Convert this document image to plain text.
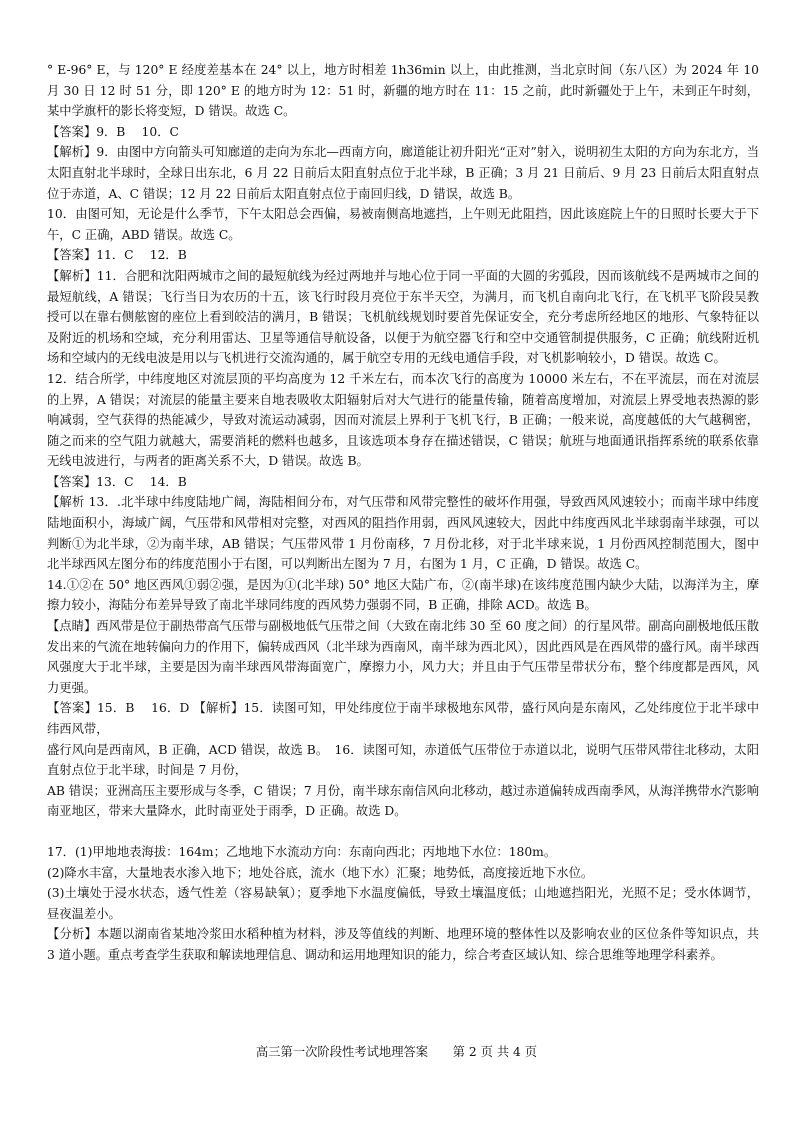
° E-96° E，与 120° E 经度差基本在 24° 以上，地方时相差 1h36min 以上，由此推测，当北京时间（东八区）为 2024 年 10 月 30 日 12 时 51 分，即 120° E 的地方时为 12：51 时，新疆的地方时在 11：15 之前，此时新疆处于上午，未到正午时刻，某中学旗杆的影长将变短，D 错误。故选 C。

【答案】9．B　 10．C

【解析】9．由图中方向箭头可知廊道的走向为东北—西南方向，廊道能让初升阳光“正对”射入，说明初生太阳的方向为东北方，当太阳直射北半球时，全球日出东北，6 月 22 日前后太阳直射点位于北半球，B 正确；3 月 21 日前后、9 月 23 日前后太阳直射点位于赤道，A、C 错误；12 月 22 日前后太阳直射点位于南回归线，D 错误，故选 B。

10．由图可知，无论是什么季节，下午太阳总会西偏，易被南侧高地遮挡，上午则无此阻挡，因此该庭院上午的日照时长要大于下午，C 正确，ABD 错误。故选 C。

【答案】11．C　 12．B

【解析】11．合肥和沈阳两城市之间的最短航线为经过两地并与地心位于同一平面的大圆的劣弧段，因而该航线不是两城市之间的最短航线，A 错误；飞行当日为农历的十五，该飞行时段月亮位于东半天空，为满月，而飞机自南向北飞行，在飞机平飞阶段吴教授可以在靠右侧舷窗的座位上看到皎洁的满月，B 错误；飞机航线规划时要首先保证安全，充分考虑所经地区的地形、气象特征以及附近的机场和空域，充分利用雷达、卫星等通信导航设备，以便于为航空器飞行和空中交通管制提供服务，C 正确；航线附近机场和空域内的无线电波是用以与飞机进行交流沟通的，属于航空专用的无线电通信手段，对飞机影响较小，D 错误。故选 C。

12．结合所学，中纬度地区对流层顶的平均高度为 12 千米左右，而本次飞行的高度为 10000 米左右，不在平流层，而在对流层的上界，A 错误；对流层的能量主要来自地表吸收太阳辐射后对大气进行的能量传输，随着高度增加，对流层上界受地表热源的影响减弱，空气获得的热能减少，导致对流运动减弱，因而对流层上界利于飞机飞行，B 正确；一般来说，高度越低的大气越稠密，随之而来的空气阻力就越大，需要消耗的燃料也越多，且该选项本身存在描述错误，C 错误；航班与地面通讯指挥系统的联系依靠无线电波进行，与两者的距离关系不大，D 错误。故选 B。

【答案】13．C　 14．B

【解析 13．.北半球中纬度陆地广阔，海陆相间分布，对气压带和风带完整性的破坏作用强，导致西风风速较小；而南半球中纬度陆地面积小，海域广阔，气压带和风带相对完整，对西风的阻挡作用弱，西风风速较大，因此中纬度西风北半球弱南半球强，可以判断①为北半球，②为南半球，AB 错误；气压带风带 1 月份南移，7 月份北移，对于北半球来说，1 月份西风控制范围大，图中北半球西风左图分布的纬度范围小于右图，可以判断出左图为 7 月，右图为 1 月，C 正确，D 错误。故选 C。

14.①②在 50° 地区西风①弱②强，是因为①(北半球) 50° 地区大陆广布，②(南半球)在该纬度范围内缺少大陆，以海洋为主，摩擦力较小，海陆分布差异导致了南北半球同纬度的西风势力强弱不同，B 正确，排除 ACD。故选 B。

【点睛】西风带是位于副热带高气压带与副极地低气压带之间（大致在南北纬 30 至 60 度之间）的行星风带。副高向副极地低压散发出来的气流在地转偏向力的作用下，偏转成西风（北半球为西南风，南半球为西北风），因此西风是在西风带的盛行风。南半球西风强度大于北半球，主要是因为南半球西风带海面宽广，摩擦力小，风力大；并且由于气压带呈带状分布，整个纬度都是西风，风力更强。

【答案】15．B　 16．D 【解析】15．读图可知，甲处纬度位于南半球极地东风带，盛行风向是东南风，乙处纬度位于北半球中纬西风带，

盛行风向是西南风，B 正确，ACD 错误，故选 B。　16．读图可知，赤道低气压带位于赤道以北，说明气压带风带往北移动，太阳直射点位于北半球，时间是 7 月份，

AB 错误；亚洲高压主要形成与冬季，C 错误；7 月份，南半球东南信风向北移动，越过赤道偏转成西南季风，从海洋携带水汽影响南亚地区，带来大量降水，此时南亚处于雨季，D 正确。故选 D。

17．(1)甲地地表海拔：164m；乙地地下水流动方向：东南向西北；丙地地下水位：180m。

(2)降水丰富，大量地表水渗入地下；地处谷底，流水（地下水）汇聚；地势低，高度接近地下水位。

(3)土壤处于浸水状态，透气性差（容易缺氧）；夏季地下水温度偏低，导致土壤温度低；山地遮挡阳光，光照不足；受水体调节，昼夜温差小。

【分析】本题以湖南省某地冷浆田水稻种植为材料，涉及等值线的判断、地理环境的整体性以及影响农业的区位条件等知识点，共 3 道小题。重点考查学生获取和解读地理信息、调动和运用地理知识的能力，综合考查区域认知、综合思维等地理学科素养。

高三第一次阶段性考试地理答案　　第 2 页 共 4 页
